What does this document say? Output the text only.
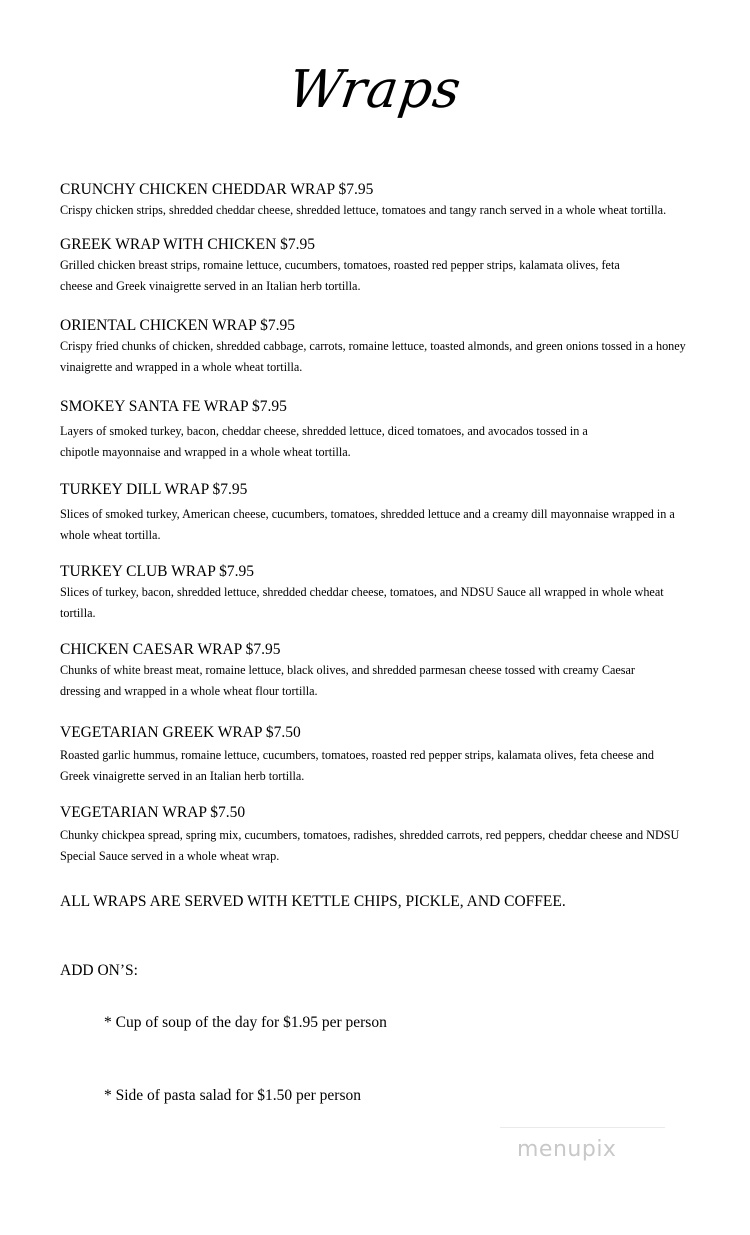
Wraps
CRUNCHY CHICKEN CHEDDAR WRAP $7.95
Crispy chicken strips, shredded cheddar cheese, shredded lettuce, tomatoes and tangy ranch served in a whole wheat tortilla.
GREEK WRAP WITH CHICKEN $7.95
Grilled chicken breast strips, romaine lettuce, cucumbers, tomatoes, roasted red pepper strips, kalamata olives, feta cheese and Greek vinaigrette served in an Italian herb tortilla.
ORIENTAL CHICKEN WRAP $7.95
Crispy fried chunks of chicken, shredded cabbage, carrots, romaine lettuce, toasted almonds, and green onions tossed in a honey vinaigrette and wrapped in a whole wheat tortilla.
SMOKEY SANTA FE WRAP $7.95
Layers of smoked turkey, bacon, cheddar cheese, shredded lettuce, diced tomatoes, and avocados tossed in a chipotle mayonnaise and wrapped in a whole wheat tortilla.
TURKEY DILL WRAP $7.95
Slices of smoked turkey, American cheese, cucumbers, tomatoes, shredded lettuce and a creamy dill mayonnaise wrapped in a whole wheat tortilla.
TURKEY CLUB WRAP $7.95
Slices of turkey, bacon, shredded lettuce, shredded cheddar cheese, tomatoes, and NDSU Sauce all wrapped in whole wheat tortilla.
CHICKEN CAESAR WRAP $7.95
Chunks of white breast meat, romaine lettuce, black olives, and shredded parmesan cheese tossed with creamy Caesar dressing and wrapped in a whole wheat flour tortilla.
VEGETARIAN GREEK WRAP $7.50
Roasted garlic hummus, romaine lettuce, cucumbers, tomatoes, roasted red pepper strips, kalamata olives, feta cheese and Greek vinaigrette served in an Italian herb tortilla.
VEGETARIAN WRAP $7.50
Chunky chickpea spread, spring mix, cucumbers, tomatoes, radishes, shredded carrots, red peppers, cheddar cheese and NDSU Special Sauce served in a whole wheat wrap.
ALL WRAPS ARE SERVED WITH KETTLE CHIPS, PICKLE, AND COFFEE.
ADD ON’S:
* Cup of soup of the day for $1.95 per person
* Side of pasta salad for $1.50 per person
menupix
